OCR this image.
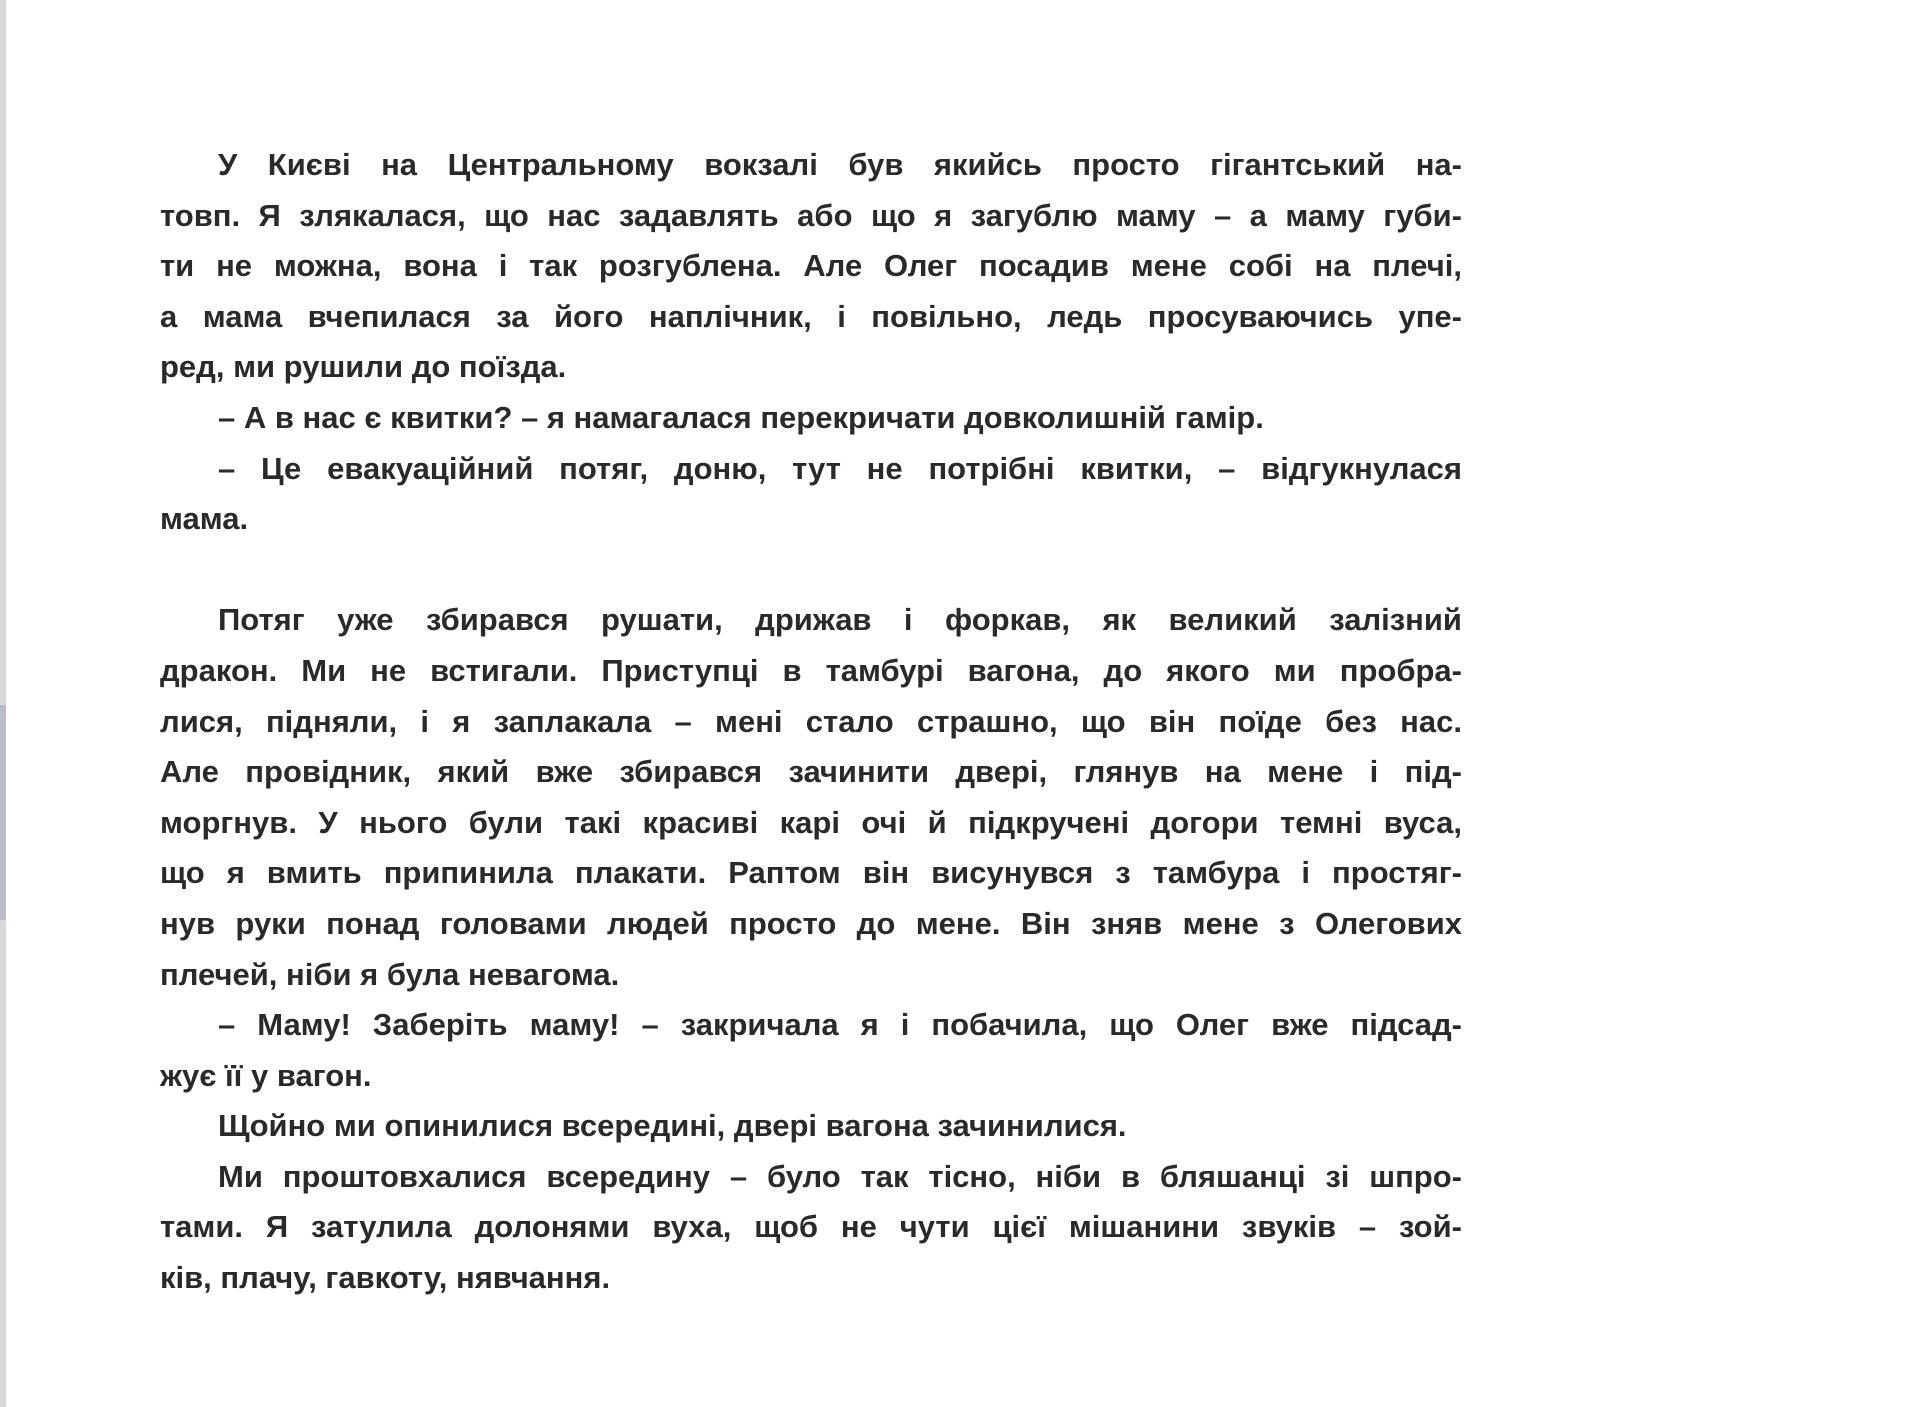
У Києві на Центральному вокзалі був якийсь просто гігантський на-
товп. Я злякалася, що нас задавлять або що я загублю маму – а маму губи-
ти не можна, вона і так розгублена. Але Олег посадив мене собі на плечі,
а мама вчепилася за його наплічник, і повільно, ледь просуваючись упе-
ред, ми рушили до поїзда.
– А в нас є квитки? – я намагалася перекричати довколишній гамір.
– Це евакуаційний потяг, доню, тут не потрібні квитки, – відгукнулася
мама.
Потяг уже збирався рушати, дрижав і форкав, як великий залізний
дракон. Ми не встигали. Приступці в тамбурі вагона, до якого ми пробра-
лися, підняли, і я заплакала – мені стало страшно, що він поїде без нас.
Але провідник, який вже збирався зачинити двері, глянув на мене і під-
моргнув. У нього були такі красиві карі очі й підкручені догори темні вуса,
що я вмить припинила плакати. Раптом він висунувся з тамбура і простяг-
нув руки понад головами людей просто до мене. Він зняв мене з Олегових
плечей, ніби я була невагома.
– Маму! Заберіть маму! – закричала я і побачила, що Олег вже підсад-
жує її у вагон.
Щойно ми опинилися всередині, двері вагона зачинилися.
Ми проштовхалися всередину – було так тісно, ніби в бляшанці зі шпро-
тами. Я затулила долонями вуха, щоб не чути цієї мішанини звуків – зой-
ків, плачу, гавкоту, нявчання.
